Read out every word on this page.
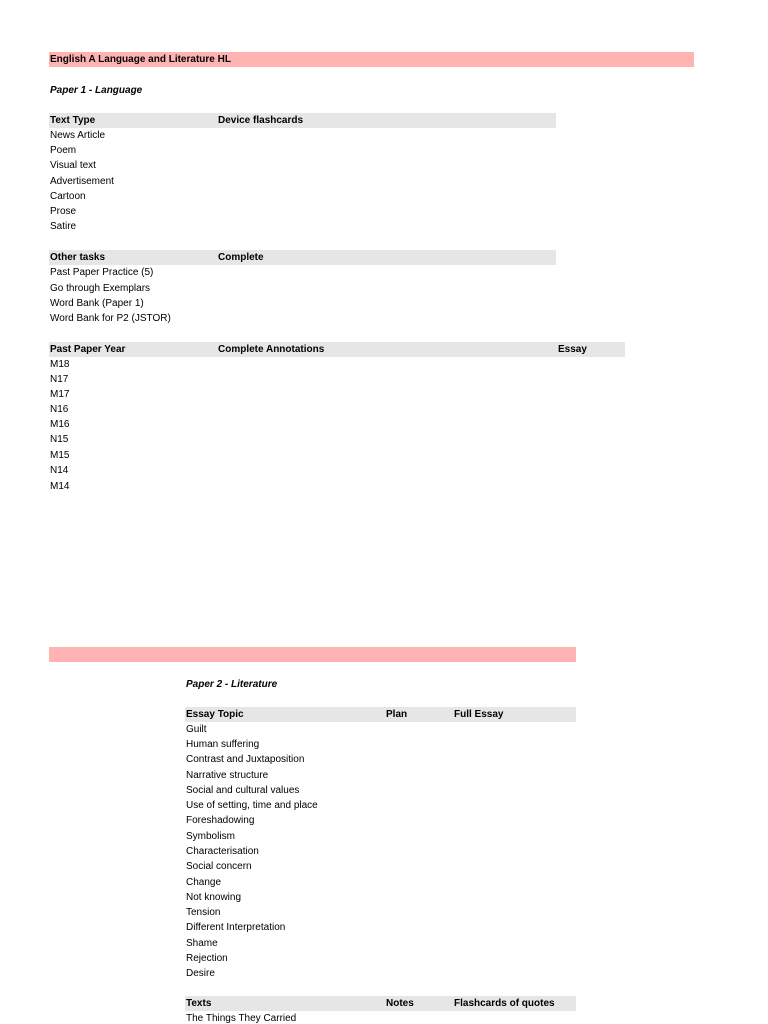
English A Language and Literature HL
Paper 1 - Language
Text Type	Device flashcards
News Article
Poem
Visual text
Advertisement
Cartoon
Prose
Satire
Other tasks	Complete
Past Paper Practice (5)
Go through Exemplars
Word Bank (Paper 1)
Word Bank for P2 (JSTOR)
Past Paper Year	Complete Annotations	Essay
M18
N17
M17
N16
M16
N15
M15
N14
M14
Paper 2 - Literature
Essay Topic	Plan	Full Essay
Guilt
Human suffering
Contrast and Juxtaposition
Narrative structure
Social and cultural values
Use of setting, time and place
Foreshadowing
Symbolism
Characterisation
Social concern
Change
Not knowing
Tension
Different Interpretation
Shame
Rejection
Desire
Texts	Notes	Flashcards of quotes
The Things They Carried
